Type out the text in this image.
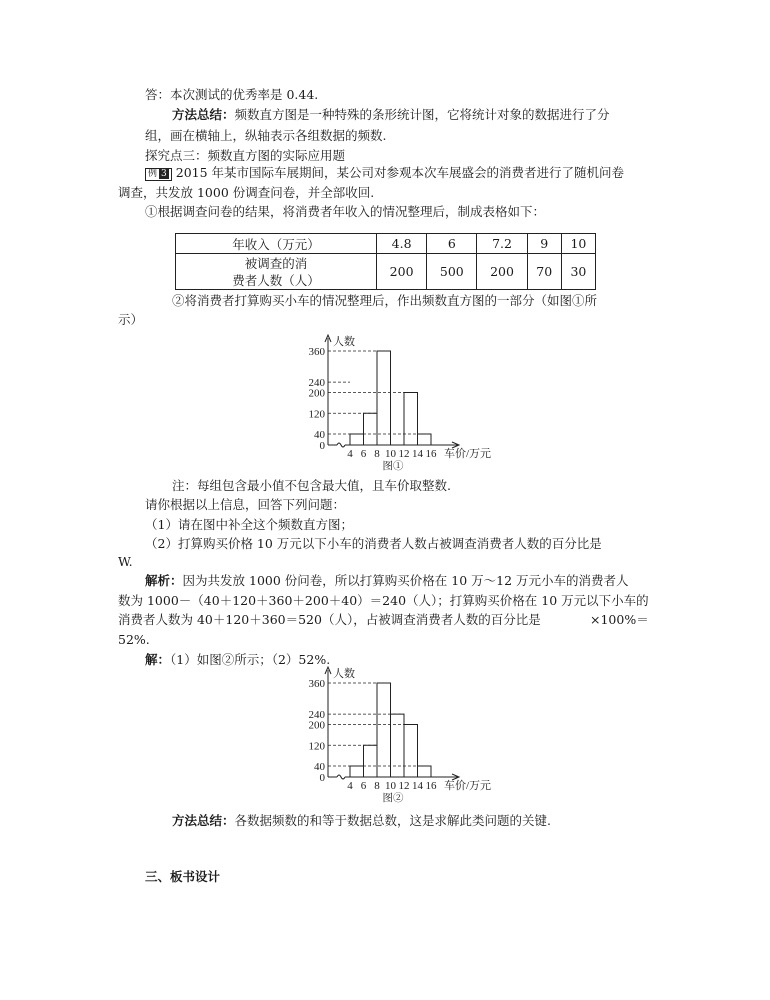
答：本次测试的优秀率是 0.44.
方法总结：频数直方图是一种特殊的条形统计图，它将统计对象的数据进行了分
组，画在横轴上，纵轴表示各组数据的频数.
探究点三：频数直方图的实际应用题
例 3 2015 年某市国际车展期间，某公司对参观本次车展盛会的消费者进行了随机问卷
调查，共发放 1000 份调查问卷，并全部收回.
①根据调查问卷的结果，将消费者年收入的情况整理后，制成表格如下：
年收入（万元）	4.8	6	7.2	9	10
被调查的消
费者人数（人）	200	500	200	70	30
②将消费者打算购买小车的情况整理后，作出频数直方图的一部分（如图①所
示）
人数
车价/万元
0
40
120
200
240
360
4 6 8 10 12 14 16
图①
注：每组包含最小值不包含最大值，且车价取整数.
请你根据以上信息，回答下列问题：
（1）请在图中补全这个频数直方图；
（2）打算购买价格 10 万元以下小车的消费者人数占被调查消费者人数的百分比是
W.
解析：因为共发放 1000 份问卷，所以打算购买价格在 10 万～12 万元小车的消费者人
数为 1000－（40＋120＋360＋200＋40）＝240（人）；打算购买价格在 10 万元以下小车的
消费者人数为 40＋120＋360＝520（人），占被调查消费者人数的百分比是	×100%＝
52%.
解：（1）如图②所示；（2）52%.
人数
车价/万元
0
40
120
200
240
360
4 6 8 10 12 14 16
图②
方法总结：各数据频数的和等于数据总数，这是求解此类问题的关键.
三、板书设计
